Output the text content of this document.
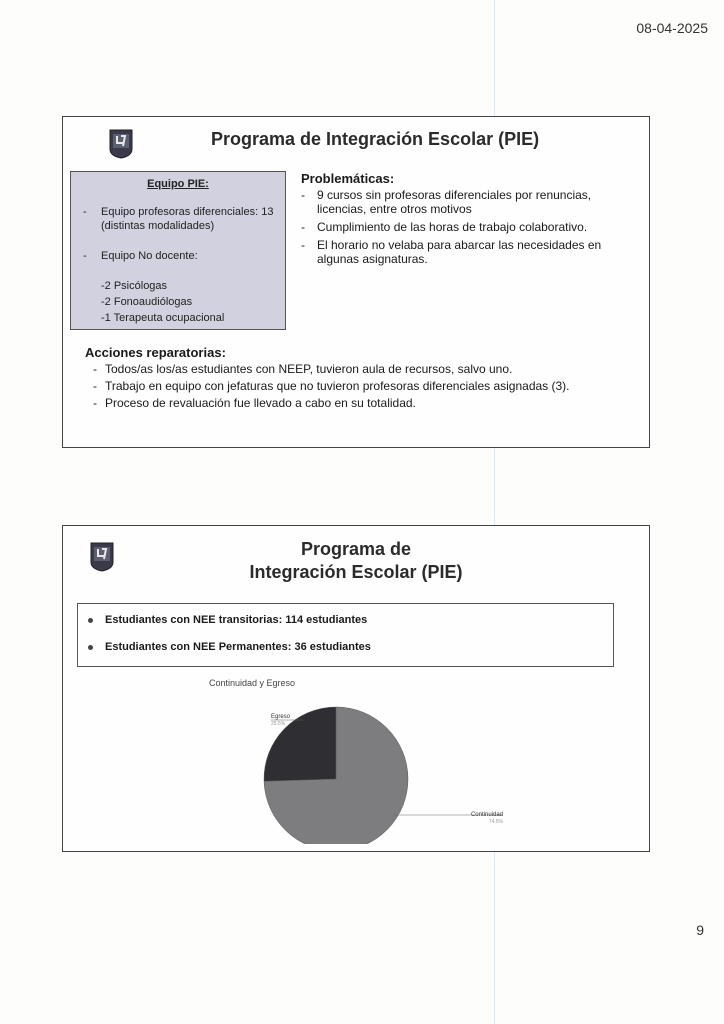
08-04-2025
Programa de Integración Escolar (PIE)
Equipo PIE:
- Equipo profesoras diferenciales: 13
(distintas modalidades)
- Equipo No docente:
-2 Psicólogas
-2 Fonoaudiólogas
-1 Terapeuta ocupacional
Problemáticas:
-	9 cursos sin profesoras diferenciales por renuncias, licencias, entre otros motivos
-	Cumplimiento de las horas de trabajo colaborativo.
-	El horario no velaba para abarcar las necesidades en algunas asignaturas.
Acciones reparatorias:
- Todos/as los/as estudiantes con NEEP, tuvieron aula de recursos, salvo uno.
- Trabajo en equipo con jefaturas que no tuvieron profesoras diferenciales asignadas (3).
- Proceso de revaluación fue llevado a cabo en su totalidad.
Programa de
Integración Escolar (PIE)
Estudiantes con NEE transitorias: 114 estudiantes
Estudiantes con NEE Permanentes: 36 estudiantes
Continuidad y Egreso
Egreso
25.5%
Continuidad
74.5%
9
